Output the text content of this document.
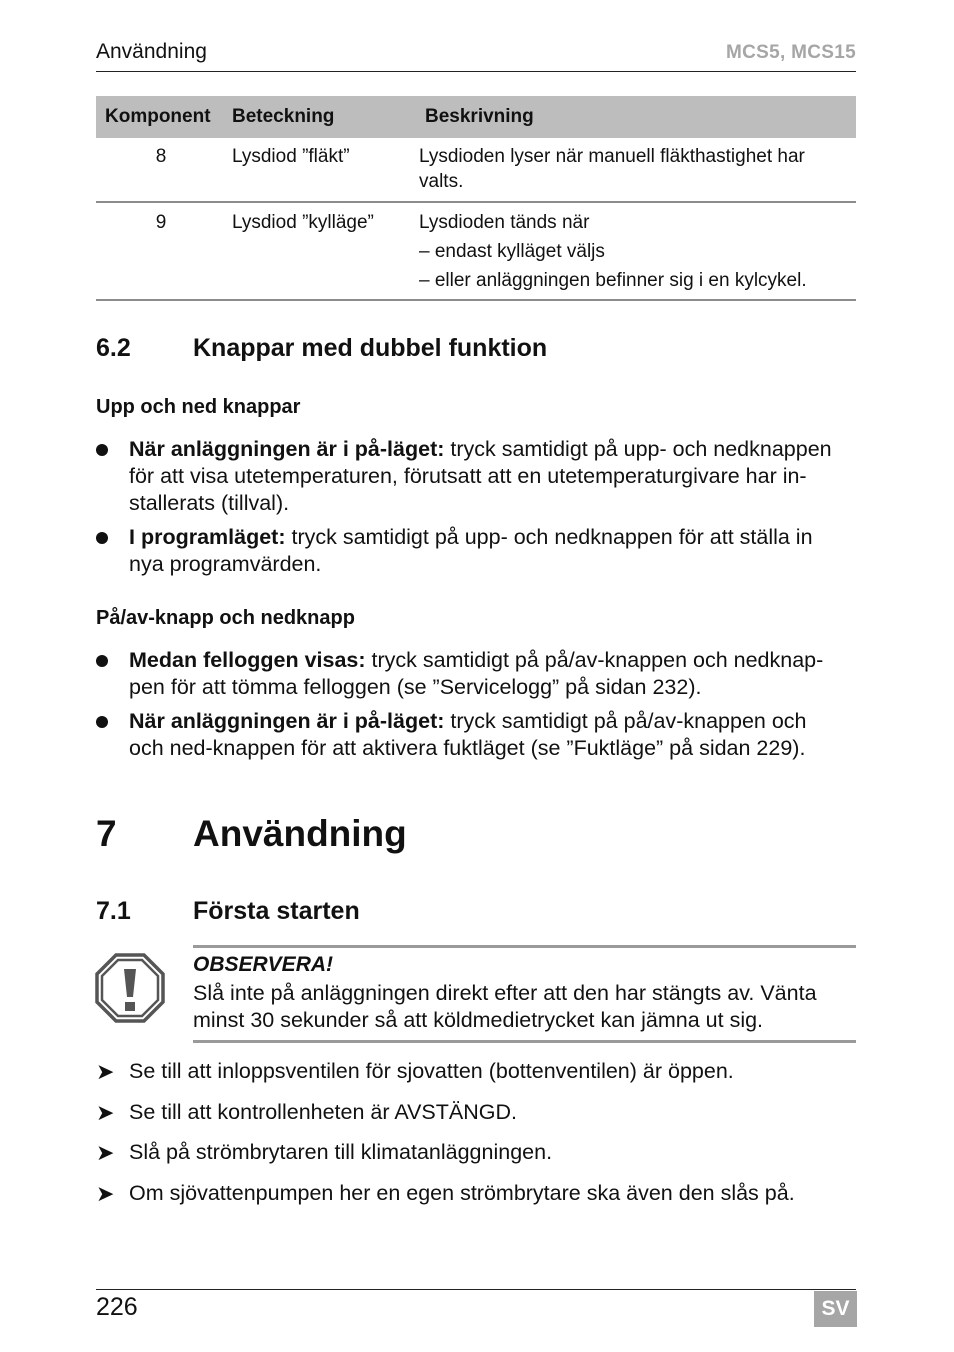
Användning	MCS5, MCS15
Komponent	Beteckning	Beskrivning
8	Lysdiod ”fläkt”	Lysdioden lyser när manuell fläkthastighet har
valts.
9	Lysdiod ”kylläge”	Lysdioden tänds när
– endast kylläget väljs
– eller anläggningen befinner sig i en kylcykel.
6.2 Knappar med dubbel funktion
Upp och ned knappar
När anläggningen är i på-läget: tryck samtidigt på upp- och nedknappen
för att visa utetemperaturen, förutsatt att en utetemperaturgivare har in-
stallerats (tillval).
I programläget: tryck samtidigt på upp- och nedknappen för att ställa in
nya programvärden.
På/av-knapp och nedknapp
Medan felloggen visas: tryck samtidigt på på/av-knappen och nedknap-
pen för att tömma felloggen (se ”Servicelogg” på sidan 232).
När anläggningen är i på-läget: tryck samtidigt på på/av-knappen och
och ned-knappen för att aktivera fuktläget (se ”Fuktläge” på sidan 229).
7 Användning
7.1 Första starten
OBSERVERA!
Slå inte på anläggningen direkt efter att den har stängts av. Vänta
minst 30 sekunder så att köldmedietrycket kan jämna ut sig.
➤ Se till att inloppsventilen för sjovatten (bottenventilen) är öppen.
➤ Se till att kontrollenheten är AVSTÄNGD.
➤ Slå på strömbrytaren till klimatanläggningen.
➤ Om sjövattenpumpen her en egen strömbrytare ska även den slås på.
226	SV
